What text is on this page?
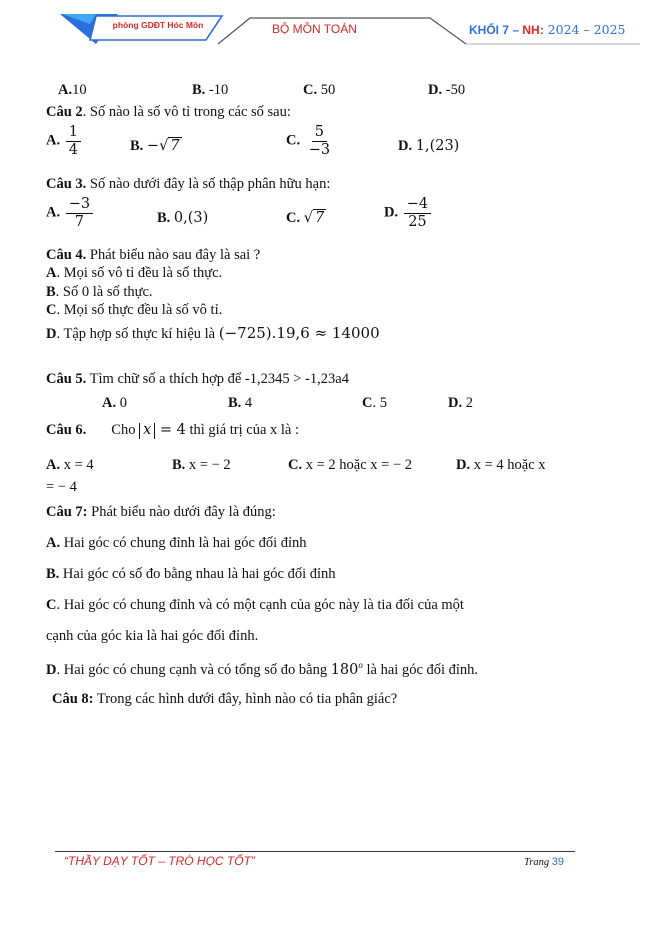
phòng GDĐT Hóc Môn	BỘ MÔN TOÁN	KHỐI 7 – NH: 2024 – 2025
A.10	B. -10	C. 50	D. -50
Câu 2. Số nào là số vô tỉ trong các số sau:
A. $\frac{1}{4}$	B. −√ 7	C. $\frac{5}{-3}$	D. 1,(23)
Câu 3. Số nào dưới đây là số thập phân hữu hạn:
A. $\frac{-3}{7}$	B. 0,(3)	C. √ 7	D. $\frac{-4}{25}$
Câu 4. Phát biểu nào sau đây là sai ?
A. Mọi số vô tỉ đều là số thực.
B. Số 0 là số thực.
C. Mọi số thực đều là số vô tỉ.
D. Tập hợp số thực kí hiệu là (−725).19,6 ≈ 14000
Câu 5. Tìm chữ số a thích hợp để -1,2345 > -1,23a4
A. 0	B. 4	C. 5	D. 2
Câu 6. Cho x = 4 thì giá trị của x là :
A. x = 4	B. x = − 2	C. x = 2 hoặc x = − 2	D. x = 4 hoặc x
= − 4
Câu 7: Phát biểu nào dưới đây là đúng:
A. Hai góc có chung đỉnh là hai góc đối đỉnh
B. Hai góc có số đo bằng nhau là hai góc đối đỉnh
C. Hai góc có chung đỉnh và có một cạnh của góc này là tia đối của một
cạnh của góc kia là hai góc đối đỉnh.
D. Hai góc có chung cạnh và có tổng số đo bằng 180$^o$ là hai góc đối đỉnh.
Câu 8: Trong các hình dưới đây, hình nào có tia phân giác?
“THẦY DẠY TỐT – TRÒ HỌC TỐT”	Trang 39
